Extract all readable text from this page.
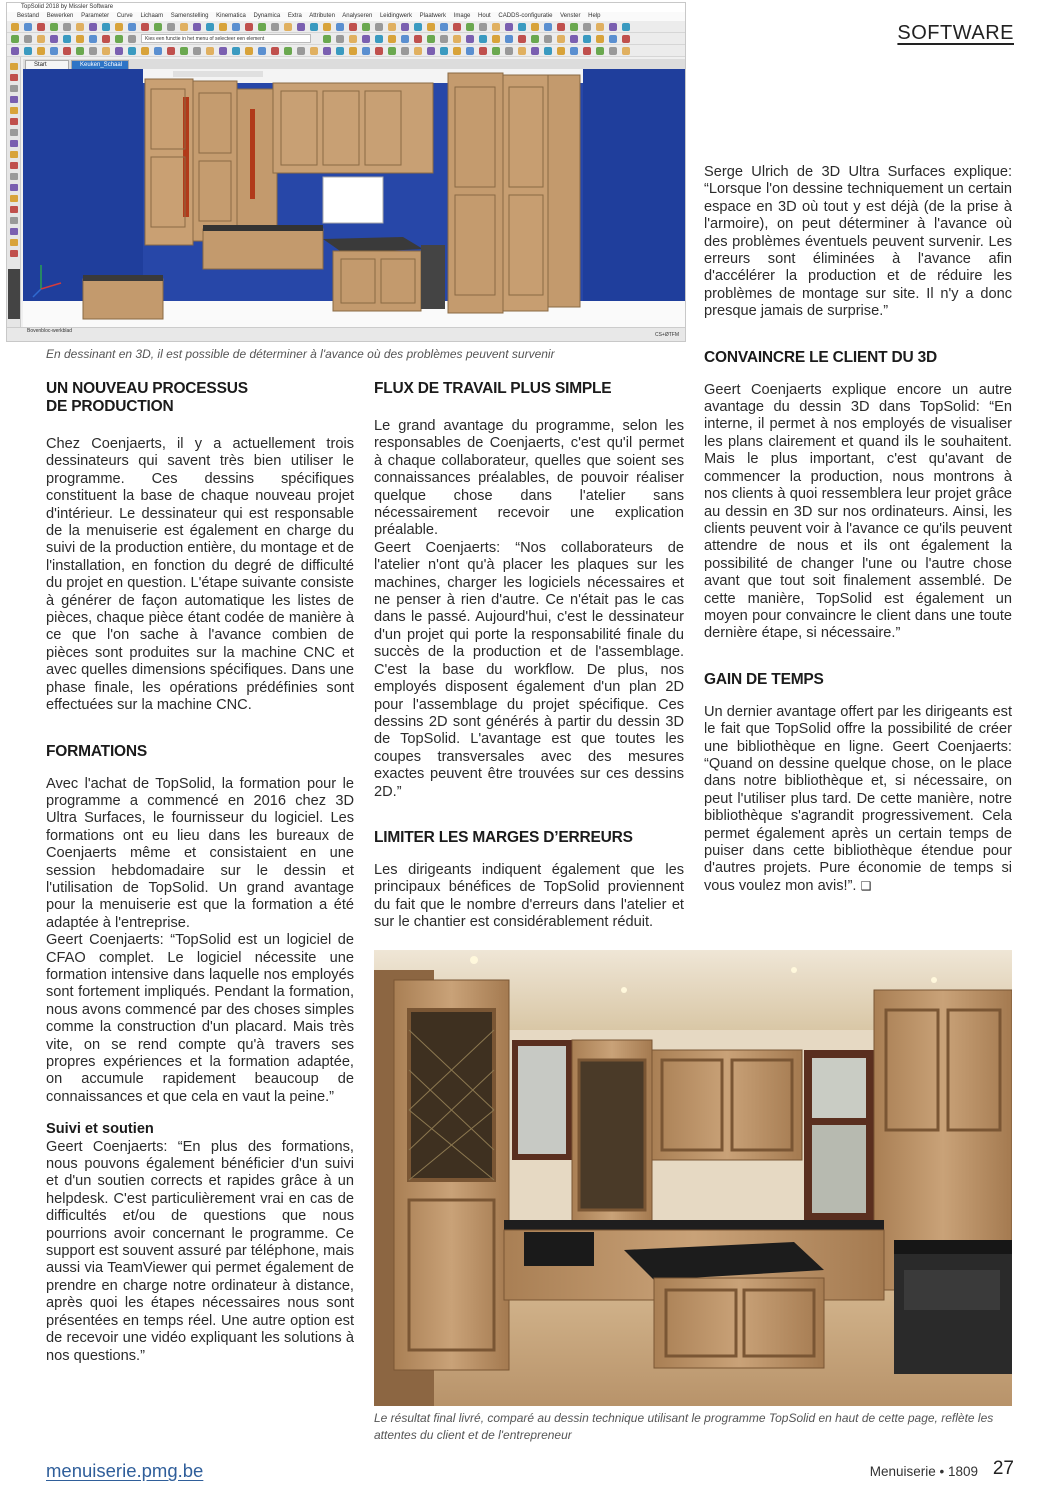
SOFTWARE
TopSolid 2018 by Missler Software
Bestand Bewerken Parameter Curve Lichaam Samenstelling Kinematica Dynamica Extra Attributen Analyseren Leidingwerk Plaatwerk Image Hout CADDS-configuratie Venster Help
Kies een functie in het menu of selecteer een element
Start	Keuken_Schaal
Bovenbloc-werkblad
CS+ØTFM
En dessinant en 3D, il est possible de déterminer à l'avance où des problèmes peuvent survenir
UN NOUVEAU PROCESSUS
DE PRODUCTION

Chez Coenjaerts, il y a actuellement trois dessinateurs qui savent très bien utiliser le programme. Ces dessins spécifiques constituent la base de chaque nouveau projet d'intérieur. Le dessinateur qui est responsable de la menuiserie est également en charge du suivi de la production entière, du montage et de l'installation, en fonction du degré de difficulté du projet en question. L'étape suivante consiste à générer de façon automatique les listes de pièces, chaque pièce étant codée de manière à ce que l'on sache à l'avance combien de pièces sont produites sur la machine CNC et avec quelles dimensions spécifiques. Dans une phase finale, les opérations prédéfinies sont effectuées sur la machine CNC.

FORMATIONS

Avec l'achat de TopSolid, la formation pour le programme a commencé en 2016 chez 3D Ultra Surfaces, le fournisseur du logiciel. Les formations ont eu lieu dans les bureaux de Coenjaerts même et consistaient en une session hebdomadaire sur le dessin et l'utilisation de TopSolid. Un grand avantage pour la menuiserie est que la formation a été adaptée à l'entreprise.

Geert Coenjaerts: “TopSolid est un logiciel de CFAO complet. Le logiciel nécessite une formation intensive dans laquelle nos employés sont fortement impliqués. Pendant la formation, nous avons commencé par des choses simples comme la construction d'un placard. Mais très vite, on se rend compte qu'à travers ses propres expériences et la formation adaptée, on accumule rapidement beaucoup de connaissances et que cela en vaut la peine.”

Suivi et soutien

Geert Coenjaerts: “En plus des formations, nous pouvons également bénéficier d'un suivi et d'un soutien corrects et rapides grâce à un helpdesk. C'est particulièrement vrai en cas de difficultés et/ou de questions que nous pourrions avoir concernant le programme. Ce support est souvent assuré par téléphone, mais aussi via TeamViewer qui permet également de prendre en charge notre ordinateur à distance, après quoi les étapes nécessaires nous sont présentées en temps réel. Une autre option est de recevoir une vidéo expliquant les solutions à nos questions.”

FLUX DE TRAVAIL PLUS SIMPLE

Le grand avantage du programme, selon les responsables de Coenjaerts, c'est qu'il permet à chaque collaborateur, quelles que soient ses connaissances préalables, de pouvoir réaliser quelque chose dans l'atelier sans nécessairement recevoir une explication préalable.

Geert Coenjaerts: “Nos collaborateurs de l'atelier n'ont qu'à placer les plaques sur les machines, charger les logiciels nécessaires et ne penser à rien d'autre. Ce n'était pas le cas dans le passé. Aujourd'hui, c'est le dessinateur d'un projet qui porte la responsabilité finale du succès de la production et de l'assemblage. C'est la base du workflow. De plus, nos employés disposent également d'un plan 2D pour l'assemblage du projet spécifique. Ces dessins 2D sont générés à partir du dessin 3D de TopSolid. L'avantage est que toutes les coupes transversales avec des mesures exactes peuvent être trouvées sur ces dessins 2D.”

LIMITER LES MARGES D’ERREURS

Les dirigeants indiquent également que les principaux bénéfices de TopSolid proviennent du fait que le nombre d'erreurs dans l'atelier et sur le chantier est considérablement réduit.

Serge Ulrich de 3D Ultra Surfaces explique: “Lorsque l'on dessine techniquement un certain espace en 3D où tout y est déjà (de la prise à l'armoire), on peut déterminer à l'avance où des problèmes éventuels peuvent survenir. Les erreurs sont éliminées à l'avance afin d'accélérer la production et de réduire les problèmes de montage sur site. Il n'y a donc presque jamais de surprise.”

CONVAINCRE LE CLIENT DU 3D

Geert Coenjaerts explique encore un autre avantage du dessin 3D dans TopSolid: “En interne, il permet à nos employés de visualiser les plans clairement et quand ils le souhaitent. Mais le plus important, c'est qu'avant de commencer la production, nous montrons à nos clients à quoi ressemblera leur projet grâce au dessin en 3D sur nos ordinateurs. Ainsi, les clients peuvent voir à l'avance ce qu'ils peuvent attendre de nous et ils ont également la possibilité de changer l'une ou l'autre chose avant que tout soit finalement assemblé. De cette manière, TopSolid est également un moyen pour convaincre le client dans une toute dernière étape, si nécessaire.”

GAIN DE TEMPS

Un dernier avantage offert par les dirigeants est le fait que TopSolid offre la possibilité de créer une bibliothèque en ligne. Geert Coenjaerts: “Quand on dessine quelque chose, on le place dans notre bibliothèque et, si nécessaire, on peut l'utiliser plus tard. De cette manière, notre bibliothèque s'agrandit progressivement. Cela permet également après un certain temps de puiser dans cette bibliothèque étendue pour d'autres projets. Pure économie de temps si vous voulez mon avis!”. ❑

Le résultat final livré, comparé au dessin technique utilisant le programme TopSolid en haut de cette page, reflète les attentes du client et de l'entrepreneur
menuiserie.pmg.be	Menuiserie • 1809 27
